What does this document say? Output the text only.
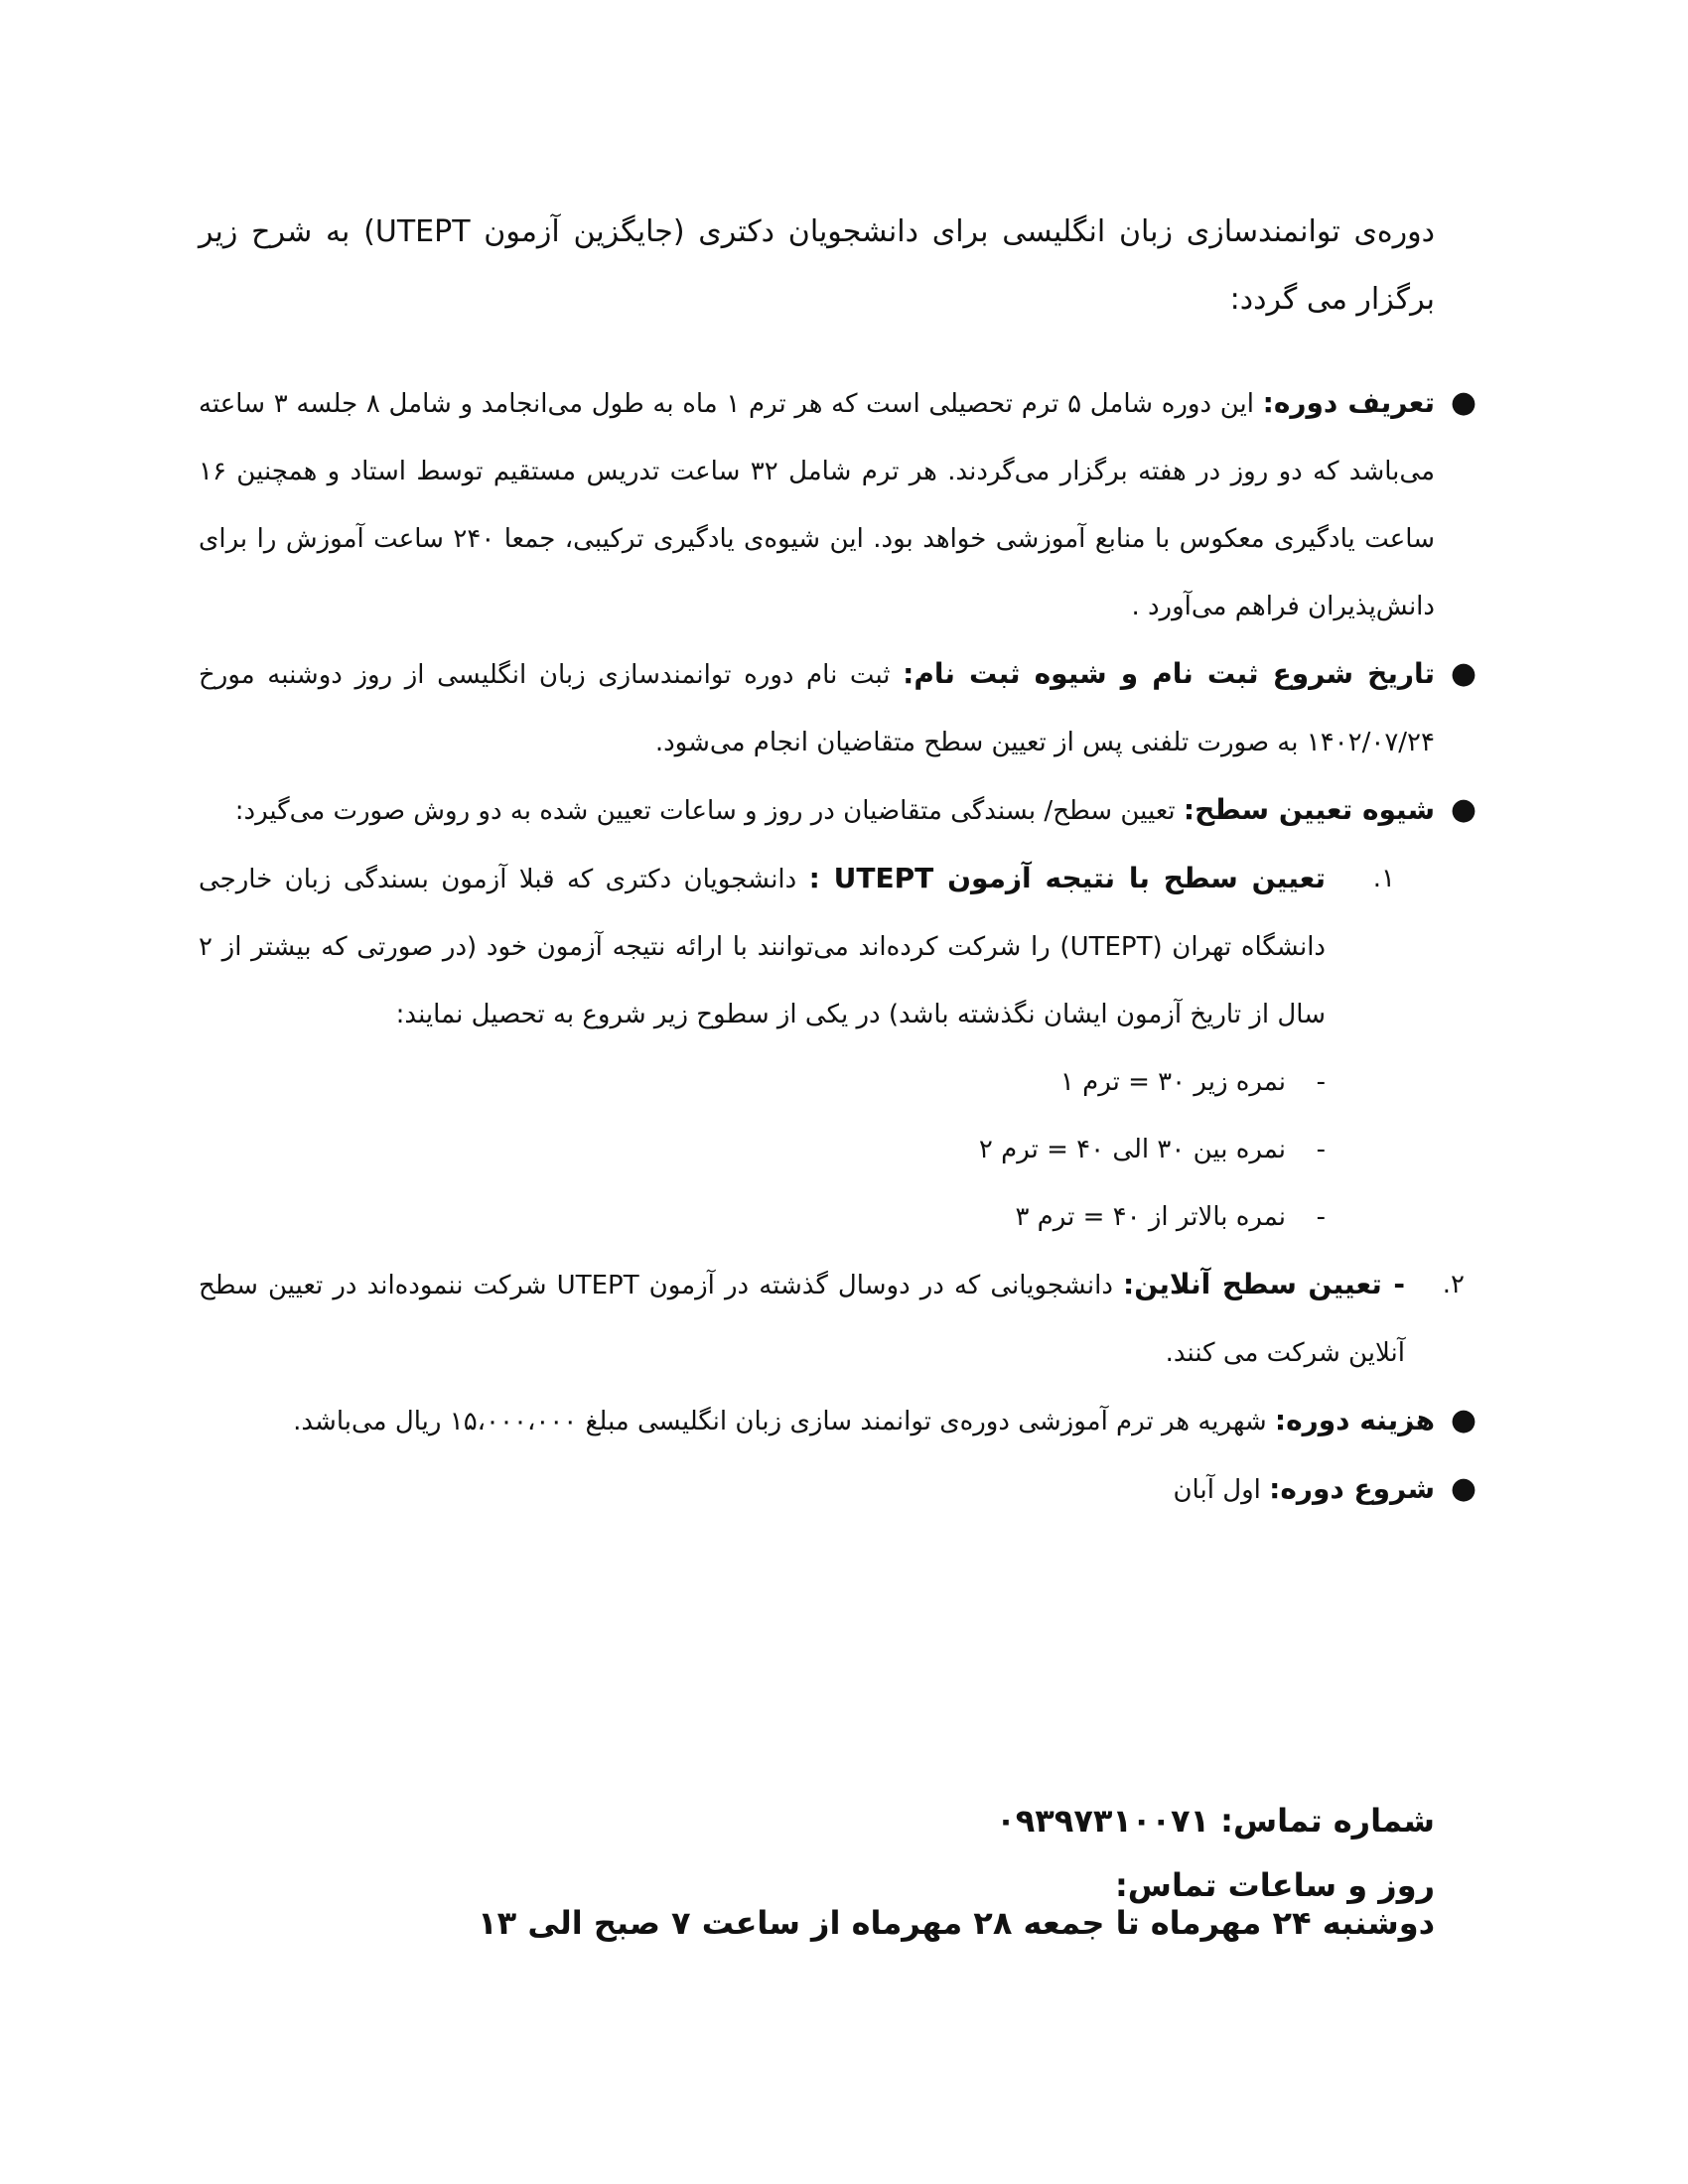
دوره‌ی توانمندسازی زبان انگلیسی برای دانشجویان دکتری (جایگزین آزمون UTEPT) به شرح زیر برگزار می گردد:

●
تعریف دوره: این دوره شامل ۵ ترم تحصیلی است که هر ترم ۱ ماه به طول می‌انجامد و شامل ۸ جلسه ۳ ساعته می‌باشد که دو روز در هفته برگزار می‌گردند. هر ترم شامل ۳۲ ساعت تدریس مستقیم توسط استاد و همچنین ۱۶ ساعت یادگیری معکوس با منابع آموزشی خواهد بود. این شیوه‌ی یادگیری ترکیبی، جمعا ۲۴۰ ساعت آموزش را برای دانش‌پذیران فراهم می‌آورد .
●
تاریخ شروع ثبت نام و شیوه ثبت نام: ثبت نام دوره توانمندسازی زبان انگلیسی از روز دوشنبه مورخ ۱۴۰۲/۰۷/۲۴ به صورت تلفنی پس از تعیین سطح متقاضیان انجام می‌شود.
●
شیوه تعیین سطح: تعیین سطح/ بسندگی متقاضیان در روز و ساعات تعیین شده به دو روش صورت می‌گیرد:
۱.
تعیین سطح با نتیجه آزمون UTEPT : دانشجویان دکتری که قبلا آزمون بسندگی زبان خارجی دانشگاه تهران (UTEPT) را شرکت کرده‌اند می‌توانند با ارائه نتیجه آزمون خود (در صورتی که بیشتر از ۲ سال از تاریخ آزمون ایشان نگذشته باشد) در یکی از سطوح زیر شروع به تحصیل نمایند:
-
نمره زیر ۳۰ = ترم ۱
-
نمره بین ۳۰ الی ۴۰ = ترم ۲
-
نمره بالاتر از ۴۰ = ترم ۳
۲.
- تعیین سطح آنلاین: دانشجویانی که در دوسال گذشته در آزمون UTEPT شرکت ننموده‌اند در تعیین سطح آنلاین شرکت می کنند.
●
هزینه دوره: شهریه هر ترم آموزشی دوره‌ی توانمند سازی زبان انگلیسی مبلغ ۱۵،۰۰۰،۰۰۰ ریال می‌باشد.
●
شروع دوره: اول آبان
شماره تماس: ۰۹۳۹۷۳۱۰۰۷۱
روز و ساعات تماس: دوشنبه ۲۴ مهرماه تا جمعه ۲۸ مهرماه از ساعت ۷ صبح الی ۱۳
